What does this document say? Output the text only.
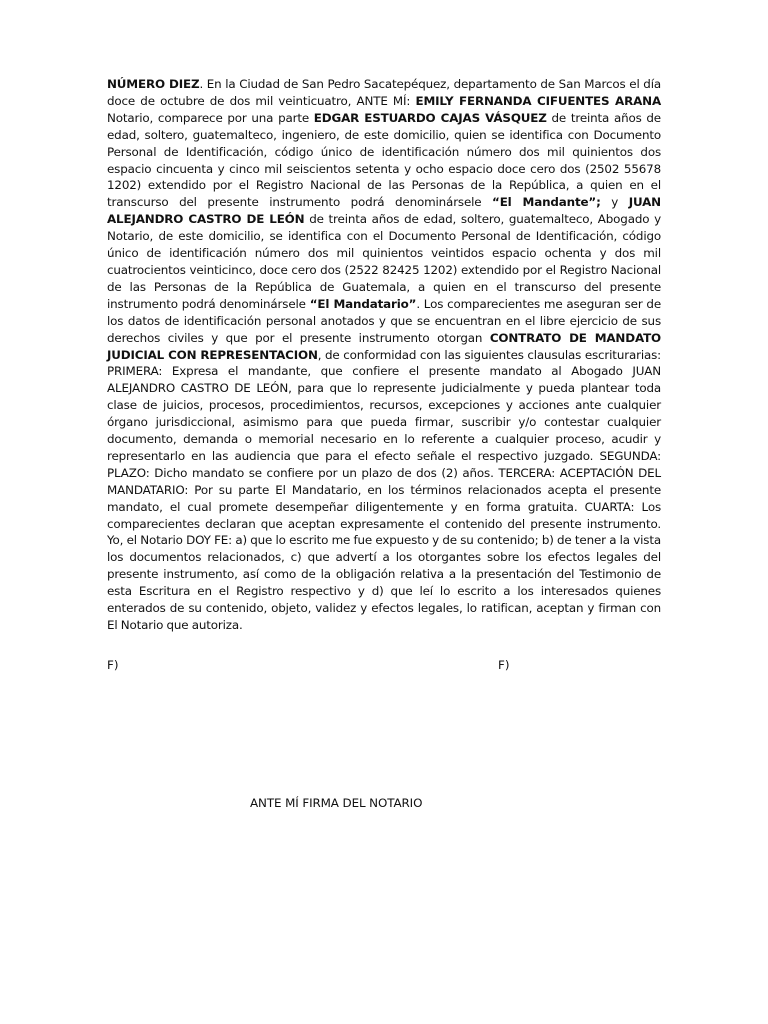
NÚMERO DIEZ. En la Ciudad de San Pedro Sacatepéquez, departamento de San Marcos el día doce de octubre de dos mil veinticuatro, ANTE MÍ: EMILY FERNANDA CIFUENTES ARANA Notario, comparece por una parte EDGAR ESTUARDO CAJAS VÁSQUEZ de treinta años de edad, soltero, guatemalteco, ingeniero, de este domicilio, quien se identifica con Documento Personal de Identificación, código único de identificación número dos mil quinientos dos espacio cincuenta y cinco mil seiscientos setenta y ocho espacio doce cero dos (2502 55678 1202) extendido por el Registro Nacional de las Personas de la República, a quien en el transcurso del presente instrumento podrá denominársele “El Mandante”; y JUAN ALEJANDRO CASTRO DE LEÓN de treinta años de edad, soltero, guatemalteco, Abogado y Notario, de este domicilio, se identifica con el Documento Personal de Identificación, código único de identificación número dos mil quinientos veintidos espacio ochenta y dos mil cuatrocientos veinticinco, doce cero dos (2522 82425 1202) extendido por el Registro Nacional de las Personas de la República de Guatemala, a quien en el transcurso del presente instrumento podrá denominársele “El Mandatario”. Los comparecientes me aseguran ser de los datos de identificación personal anotados y que se encuentran en el libre ejercicio de sus derechos civiles y que por el presente instrumento otorgan CONTRATO DE MANDATO JUDICIAL CON REPRESENTACION, de conformidad con las siguientes clausulas escriturarias: PRIMERA: Expresa el mandante, que confiere el presente mandato al Abogado JUAN ALEJANDRO CASTRO DE LEÓN, para que lo represente judicialmente y pueda plantear toda clase de juicios, procesos, procedimientos, recursos, excepciones y acciones ante cualquier órgano jurisdiccional, asimismo para que pueda firmar, suscribir y/o contestar cualquier documento, demanda o memorial necesario en lo referente a cualquier proceso, acudir y representarlo en las audiencia que para el efecto señale el respectivo juzgado. SEGUNDA: PLAZO: Dicho mandato se confiere por un plazo de dos (2) años. TERCERA: ACEPTACIÓN DEL MANDATARIO: Por su parte El Mandatario, en los términos relacionados acepta el presente mandato, el cual promete desempeñar diligentemente y en forma gratuita. CUARTA: Los comparecientes declaran que aceptan expresamente el contenido del presente instrumento. Yo, el Notario DOY FE: a) que lo escrito me fue expuesto y de su contenido; b) de tener a la vista los documentos relacionados, c) que advertí a los otorgantes sobre los efectos legales del presente instrumento, así como de la obligación relativa a la presentación del Testimonio de esta Escritura en el Registro respectivo y d) que leí lo escrito a los interesados quienes enterados de su contenido, objeto, validez y efectos legales, lo ratifican, aceptan y firman con El Notario que autoriza.

F)	F)
ANTE MÍ FIRMA DEL NOTARIO
